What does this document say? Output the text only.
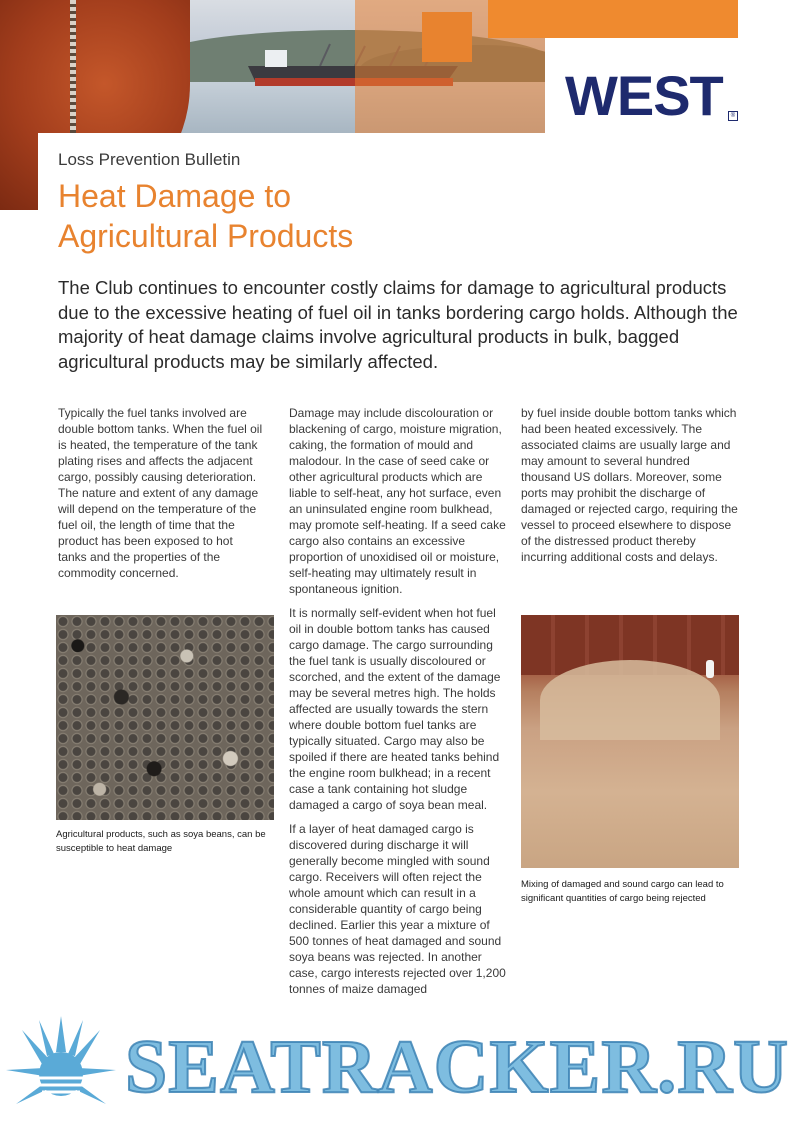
WEST	®
Loss Prevention Bulletin
Heat Damage to
Agricultural Products
The Club continues to encounter costly claims for damage to agricultural products due to the excessive heating of fuel oil in tanks bordering cargo holds. Although the majority of heat damage claims involve agricultural products in bulk, bagged agricultural products may be similarly affected.

Typically the fuel tanks involved are double bottom tanks. When the fuel oil is heated, the temperature of the tank plating rises and affects the adjacent cargo, possibly causing deterioration. The nature and extent of any damage will depend on the temperature of the fuel oil, the length of time that the product has been exposed to hot tanks and the properties of the commodity concerned.

Damage may include discolouration or blackening of cargo, moisture migration, caking, the formation of mould and malodour. In the case of seed cake or other agricultural products which are liable to self-heat, any hot surface, even an uninsulated engine room bulkhead, may promote self-heating. If a seed cake cargo also contains an excessive proportion of unoxidised oil or moisture, self-heating may ultimately result in spontaneous ignition.

It is normally self-evident when hot fuel oil in double bottom tanks has caused cargo damage. The cargo surrounding the fuel tank is usually discoloured or scorched, and the extent of the damage may be several metres high. The holds affected are usually towards the stern where double bottom fuel tanks are typically situated. Cargo may also be spoiled if there are heated tanks behind the engine room bulkhead; in a recent case a tank containing hot sludge damaged a cargo of soya bean meal.

If a layer of heat damaged cargo is discovered during discharge it will generally become mingled with sound cargo. Receivers will often reject the whole amount which can result in a considerable quantity of cargo being declined. Earlier this year a mixture of 500 tonnes of heat damaged and sound soya beans was rejected. In another case, cargo interests rejected over 1,200 tonnes of maize damaged

by fuel inside double bottom tanks which had been heated excessively. The associated claims are usually large and may amount to several hundred thousand US dollars. Moreover, some ports may prohibit the discharge of damaged or rejected cargo, requiring the vessel to proceed elsewhere to dispose of the distressed product thereby incurring additional costs and delays.

Agricultural products, such as soya beans, can be susceptible to heat damage
Mixing of damaged and sound cargo can lead to significant quantities of cargo being rejected
SEATRACKER.RU
